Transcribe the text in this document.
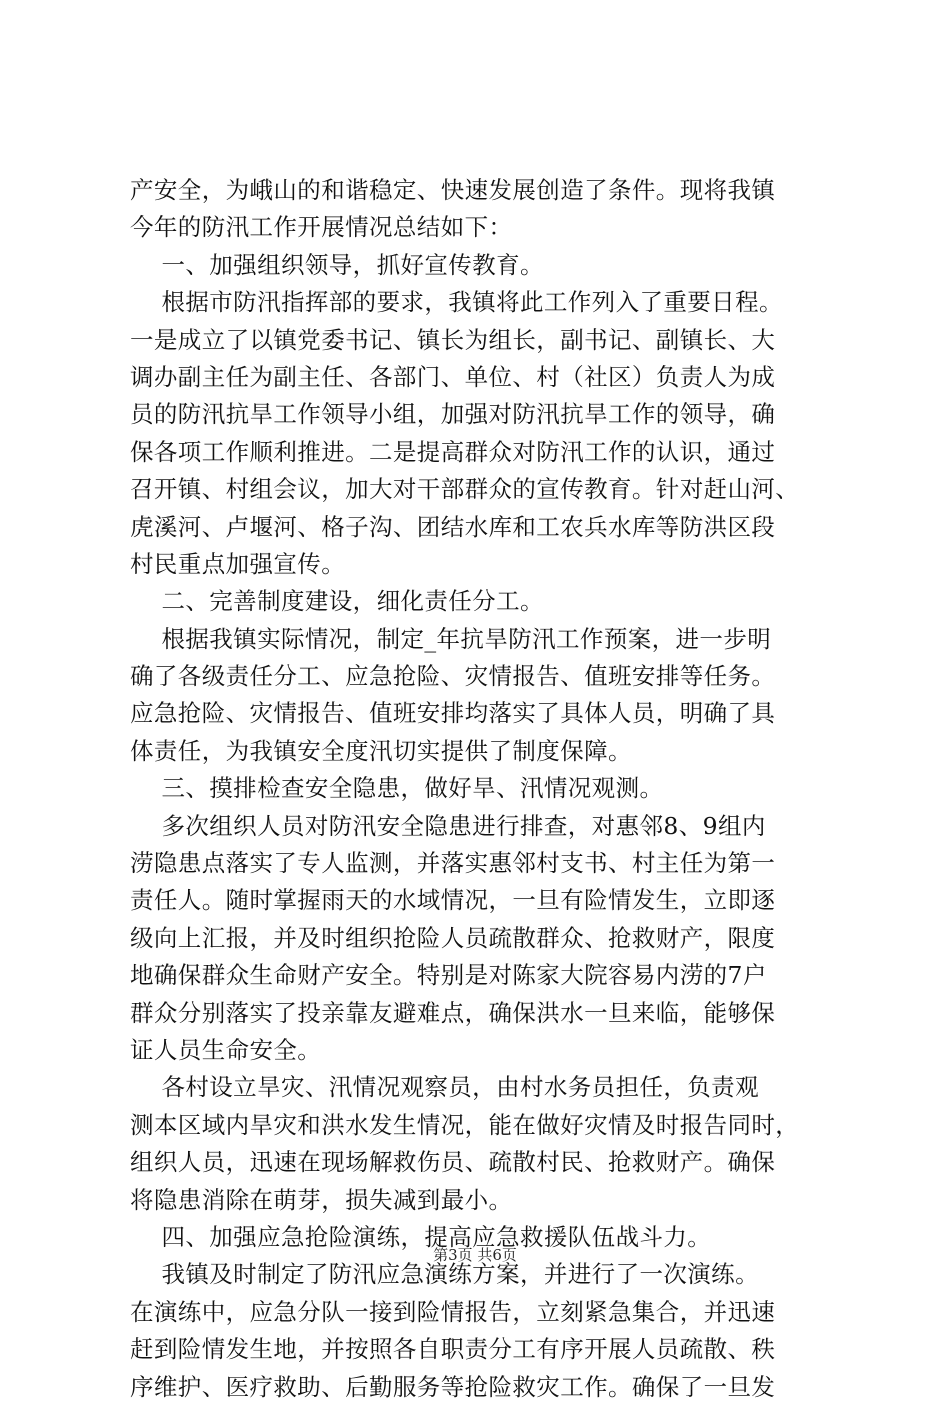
产安全，为峨山的和谐稳定、快速发展创造了条件。现将我镇
今年的防汛工作开展情况总结如下：
一、加强组织领导，抓好宣传教育。
根据市防汛指挥部的要求，我镇将此工作列入了重要日程。
一是成立了以镇党委书记、镇长为组长，副书记、副镇长、大
调办副主任为副主任、各部门、单位、村（社区）负责人为成
员的防汛抗旱工作领导小组，加强对防汛抗旱工作的领导，确
保各项工作顺利推进。二是提高群众对防汛工作的认识，通过
召开镇、村组会议，加大对干部群众的宣传教育。针对赶山河、
虎溪河、卢堰河、格子沟、团结水库和工农兵水库等防洪区段
村民重点加强宣传。
二、完善制度建设，细化责任分工。
根据我镇实际情况，制定_年抗旱防汛工作预案，进一步明
确了各级责任分工、应急抢险、灾情报告、值班安排等任务。
应急抢险、灾情报告、值班安排均落实了具体人员，明确了具
体责任，为我镇安全度汛切实提供了制度保障。
三、摸排检查安全隐患，做好旱、汛情况观测。
多次组织人员对防汛安全隐患进行排查，对惠邻8、9组内
涝隐患点落实了专人监测，并落实惠邻村支书、村主任为第一
责任人。随时掌握雨天的水域情况，一旦有险情发生，立即逐
级向上汇报，并及时组织抢险人员疏散群众、抢救财产，限度
地确保群众生命财产安全。特别是对陈家大院容易内涝的7户
群众分别落实了投亲靠友避难点，确保洪水一旦来临，能够保
证人员生命安全。
各村设立旱灾、汛情况观察员，由村水务员担任，负责观
测本区域内旱灾和洪水发生情况，能在做好灾情及时报告同时，
组织人员，迅速在现场解救伤员、疏散村民、抢救财产。确保
将隐患消除在萌芽，损失减到最小。
四、加强应急抢险演练，提高应急救援队伍战斗力。
我镇及时制定了防汛应急演练方案，并进行了一次演练。
在演练中，应急分队一接到险情报告，立刻紧急集合，并迅速
赶到险情发生地，并按照各自职责分工有序开展人员疏散、秩
序维护、医疗救助、后勤服务等抢险救灾工作。确保了一旦发
第3页 共6页
